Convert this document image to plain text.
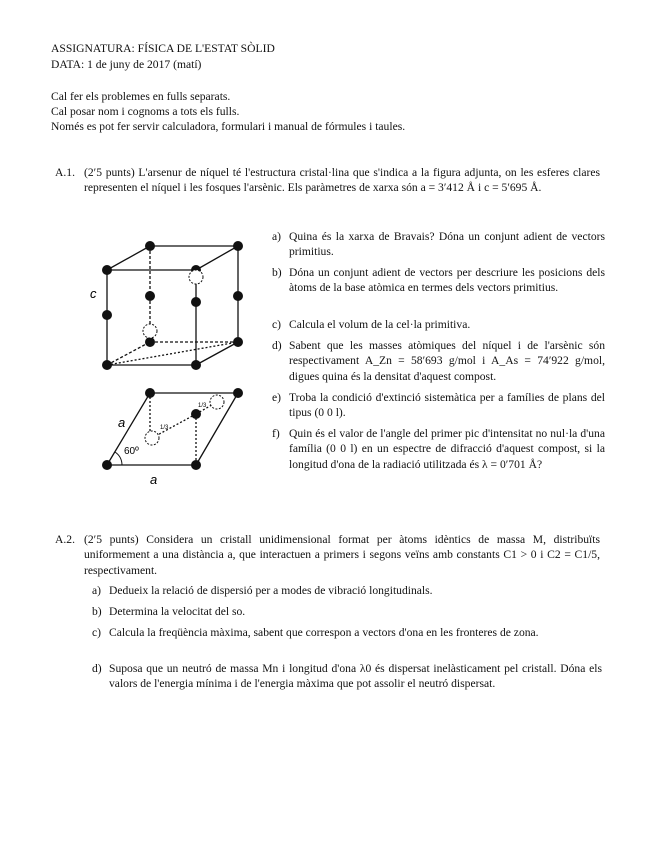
ASSIGNATURA: FÍSICA DE L'ESTAT SÒLID
DATA: 1 de juny de 2017 (matí)
Cal fer els problemes en fulls separats.
Cal posar nom i cognoms a tots els fulls.
Només es pot fer servir calculadora, formulari i manual de fórmules i taules.
A.1. (2′5 punts) L'arsenur de níquel té l'estructura cristal·lina que s'indica a la figura adjunta, on les esferes clares representen el níquel i les fosques l'arsènic. Els paràmetres de xarxa són a = 3′412 Å i c = 5′695 Å.
a) Quina és la xarxa de Bravais? Dóna un conjunt adient de vectors primitius.
b) Dóna un conjunt adient de vectors per descriure les posicions dels àtoms de la base atòmica en termes dels vectors primitius.
c) Calcula el volum de la cel·la primitiva.
d) Sabent que les masses atòmiques del níquel i de l'arsènic són respectivament A_Zn = 58′693 g/mol i A_As = 74′922 g/mol, digues quina és la densitat d'aquest compost.
e) Troba la condició d'extinció sistemàtica per a famílies de plans del tipus (0 0 l).
f) Quin és el valor de l'angle del primer pic d'intensitat no nul·la d'una família (0 0 l) en un espectre de difracció d'aquest compost, si la longitud d'ona de la radiació utilitzada és λ = 0′701 Å?
c
a
a
60º
1/3
1/3
A.2. (2′5 punts) Considera un cristall unidimensional format per àtoms idèntics de massa M, distribuïts uniformement a una distància a, que interactuen a primers i segons veïns amb constants C1 > 0 i C2 = C1/5, respectivament.
a) Dedueix la relació de dispersió per a modes de vibració longitudinals.
b) Determina la velocitat del so.
c) Calcula la freqüència màxima, sabent que correspon a vectors d'ona en les fronteres de zona.
d) Suposa que un neutró de massa Mn i longitud d'ona λ0 és dispersat inelàsticament pel cristall. Dóna els valors de l'energia mínima i de l'energia màxima que pot assolir el neutró dispersat.
